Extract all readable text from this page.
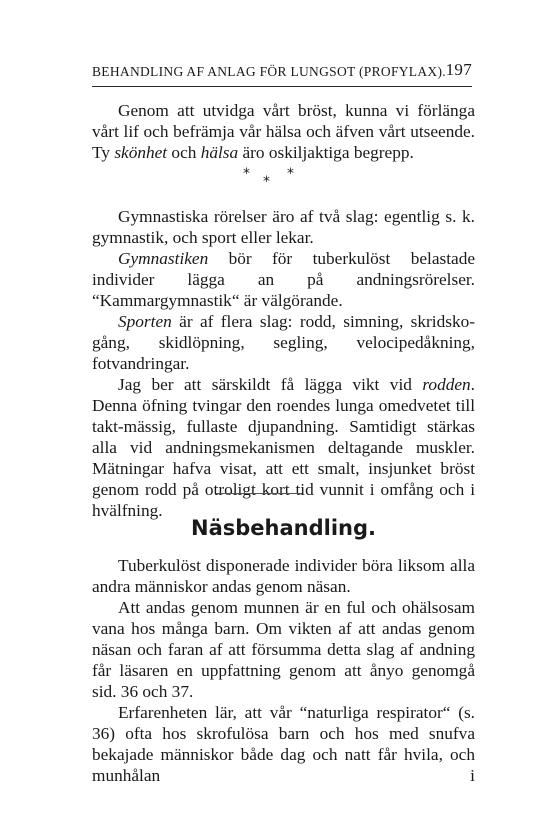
BEHANDLING AF ANLAG FÖR LUNGSOT (PROFYLAX). 197

Genom att utvidga vårt bröst, kunna vi förlänga vårt lif och befrämja vår hälsa och äfven vårt utseende. Ty skönhet och hälsa äro oskiljaktiga begrepp.

* * *

Gymnastiska rörelser äro af två slag: egentlig s. k. gymnastik, och sport eller lekar.

Gymnastiken bör för tuberkulöst belastade individer lägga an på andningsrörelser. “Kammargymnastik“ är välgörande.

Sporten är af flera slag: rodd, simning, skridsko-gång, skidlöpning, segling, velocipedåkning, fotvandringar.

Jag ber att särskildt få lägga vikt vid rodden. Denna öfning tvingar den roendes lunga omedvetet till takt-mässig, fullaste djupandning. Samtidigt stärkas alla vid andningsmekanismen deltagande muskler. Mätningar hafva visat, att ett smalt, insjunket bröst genom rodd på otroligt kort tid vunnit i omfång och i hvälfning.

Näsbehandling.

Tuberkulöst disponerade individer böra liksom alla andra människor andas genom näsan.

Att andas genom munnen är en ful och ohälsosam vana hos många barn. Om vikten af att andas genom näsan och faran af att försumma detta slag af andning får läsaren en uppfattning genom att ånyo genomgå sid. 36 och 37.

Erfarenheten lär, att vår “naturliga respirator“ (s. 36) ofta hos skrofulösa barn och hos med snufva bekajade människor både dag och natt får hvila, och munhålan i
